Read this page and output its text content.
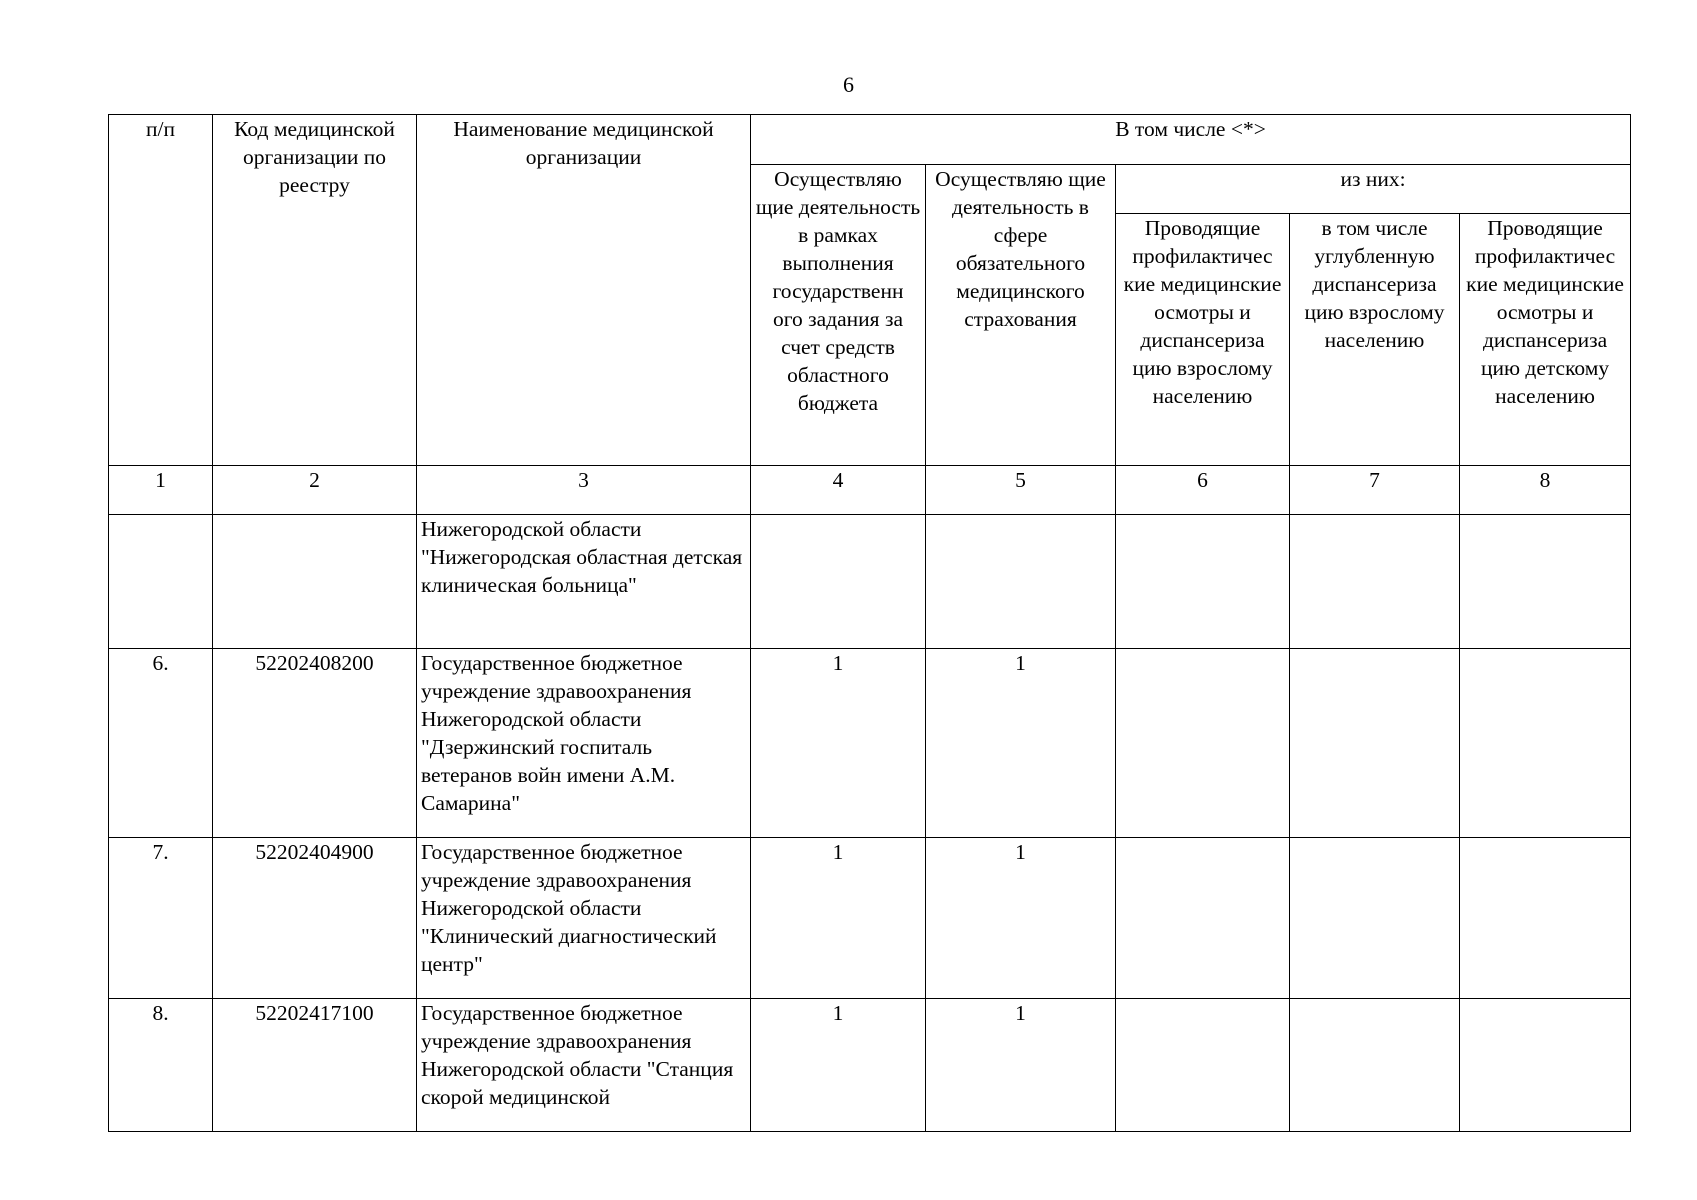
6
п/п	Код медицинской организации по реестру	Наименование медицинской организации	В том числе <*>				
			Осуществляю щие деятельность в рамках выполнения государственн ого задания за счет средств областного бюджета	Осуществляю щие деятельность в сфере обязательного медицинского страхования	из них:		
					Проводящие профилактичес кие медицинские осмотры и диспансериза цию взрослому населению	в том числе углубленную диспансериза цию взрослому населению	Проводящие профилактичес кие медицинские осмотры и диспансериза цию детскому населению
1	2	3	4	5	6	7	8
		Нижегородской области "Нижегородская областная детская клиническая больница"					
6.	52202408200	Государственное бюджетное учреждение здравоохранения Нижегородской области "Дзержинский госпиталь ветеранов войн имени А.М. Самарина"	1	1			
7.	52202404900	Государственное бюджетное учреждение здравоохранения Нижегородской области "Клинический диагностический центр"	1	1			
8.	52202417100	Государственное бюджетное учреждение здравоохранения Нижегородской области "Станция скорой медицинской	1	1			
